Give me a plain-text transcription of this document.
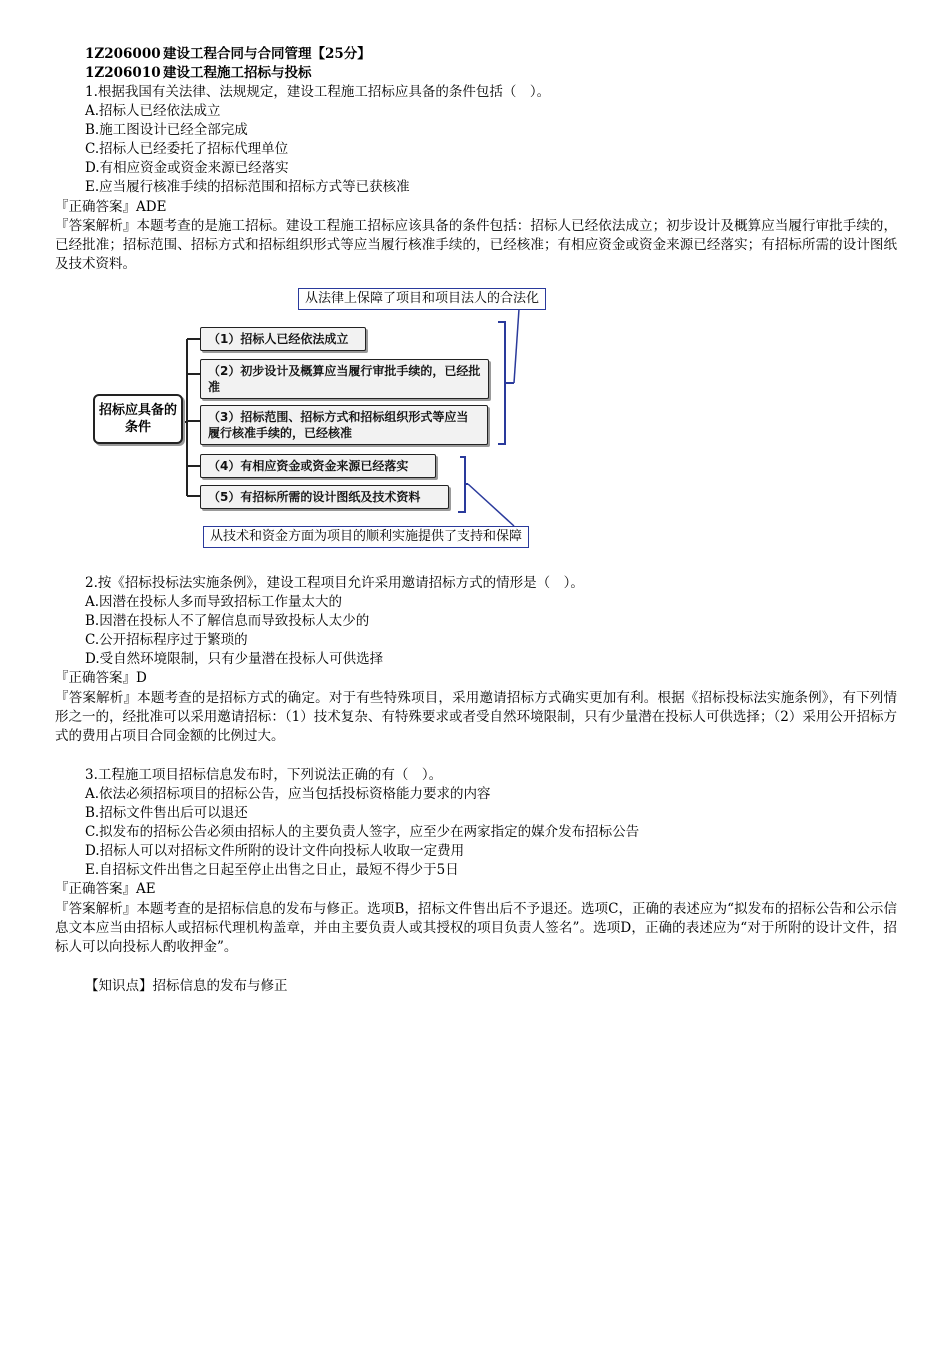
1Z206000 建设工程合同与合同管理【25分】
1Z206010 建设工程施工招标与投标
1.根据我国有关法律、法规规定，建设工程施工招标应具备的条件包括（　）。
A.招标人已经依法成立
B.施工图设计已经全部完成
C.招标人已经委托了招标代理单位
D.有相应资金或资金来源已经落实
E.应当履行核准手续的招标范围和招标方式等已获核准
『正确答案』ADE
『答案解析』本题考查的是施工招标。建设工程施工招标应该具备的条件包括：招标人已经依法成立；初步设计及概算应当履行审批手续的，已经批准；招标范围、招标方式和招标组织形式等应当履行核准手续的，已经核准；有相应资金或资金来源已经落实；有招标所需的设计图纸及技术资料。
从法律上保障了项目和项目法人的合法化
招标应具备的条件
（1）招标人已经依法成立
（2）初步设计及概算应当履行审批手续的，已经批准
（3）招标范围、招标方式和招标组织形式等应当履行核准手续的，已经核准
（4）有相应资金或资金来源已经落实
（5）有招标所需的设计图纸及技术资料
从技术和资金方面为项目的顺利实施提供了支持和保障
2.按《招标投标法实施条例》，建设工程项目允许采用邀请招标方式的情形是（　）。
A.因潜在投标人多而导致招标工作量太大的
B.因潜在投标人不了解信息而导致投标人太少的
C.公开招标程序过于繁琐的
D.受自然环境限制，只有少量潜在投标人可供选择
『正确答案』D
『答案解析』本题考查的是招标方式的确定。对于有些特殊项目，采用邀请招标方式确实更加有利。根据《招标投标法实施条例》，有下列情形之一的，经批准可以采用邀请招标：（1）技术复杂、有特殊要求或者受自然环境限制，只有少量潜在投标人可供选择；（2）采用公开招标方式的费用占项目合同金额的比例过大。
3.工程施工项目招标信息发布时，下列说法正确的有（　）。
A.依法必须招标项目的招标公告，应当包括投标资格能力要求的内容
B.招标文件售出后可以退还
C.拟发布的招标公告必须由招标人的主要负责人签字，应至少在两家指定的媒介发布招标公告
D.招标人可以对招标文件所附的设计文件向投标人收取一定费用
E.自招标文件出售之日起至停止出售之日止，最短不得少于5日
『正确答案』AE
『答案解析』本题考查的是招标信息的发布与修正。选项B，招标文件售出后不予退还。选项C，正确的表述应为“拟发布的招标公告和公示信息文本应当由招标人或招标代理机构盖章，并由主要负责人或其授权的项目负责人签名”。选项D，正确的表述应为“对于所附的设计文件，招标人可以向投标人酌收押金”。
【知识点】招标信息的发布与修正
